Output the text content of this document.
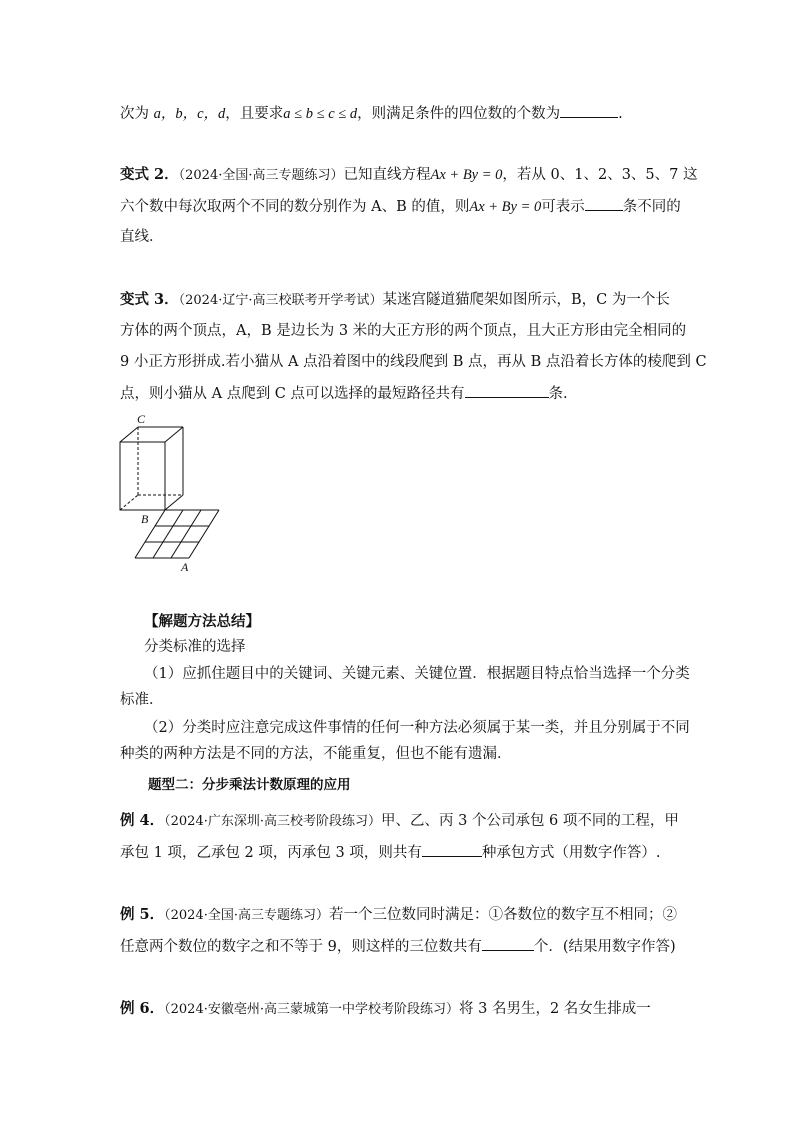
次为 a，b，c，d，且要求a ≤ b ≤ c ≤ d，则满足条件的四位数的个数为	.
变式 2．（2024·全国·高三专题练习）已知直线方程Ax + By = 0，若从 0、1、2、3、5、7 这
六个数中每次取两个不同的数分别作为 A、B 的值，则Ax + By = 0可表示	条不同的
直线．
变式 3．（2024·辽宁·高三校联考开学考试）某迷宫隧道猫爬架如图所示，B，C 为一个长
方体的两个顶点，A，B 是边长为 3 米的大正方形的两个顶点，且大正方形由完全相同的
9 小正方形拼成.若小猫从 A 点沿着图中的线段爬到 B 点，再从 B 点沿着长方体的棱爬到 C
点，则小猫从 A 点爬到 C 点可以选择的最短路径共有	条.
C
B
A
【解题方法总结】
分类标准的选择
（1）应抓住题目中的关键词、关键元素、关键位置．根据题目特点恰当选择一个分类
标准．
（2）分类时应注意完成这件事情的任何一种方法必须属于某一类，并且分别属于不同
种类的两种方法是不同的方法，不能重复，但也不能有遗漏．
题型二：分步乘法计数原理的应用
例 4．（2024·广东深圳·高三校考阶段练习）甲、乙、丙 3 个公司承包 6 项不同的工程，甲
承包 1 项，乙承包 2 项，丙承包 3 项，则共有	种承包方式（用数字作答）.
例 5．（2024·全国·高三专题练习）若一个三位数同时满足：①各数位的数字互不相同；②
任意两个数位的数字之和不等于 9，则这样的三位数共有	个．(结果用数字作答)
例 6．（2024·安徽亳州·高三蒙城第一中学校考阶段练习）将 3 名男生，2 名女生排成一
